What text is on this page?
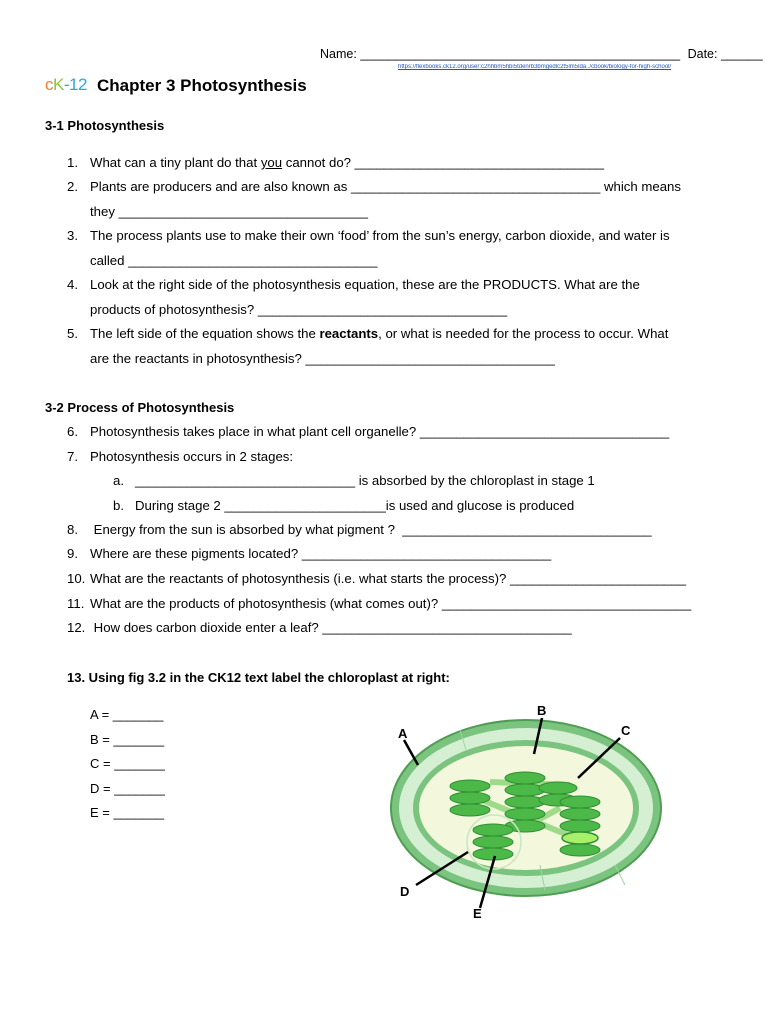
Name: ______________________________________________ Date: ______
https://flexbooks.ck12.org/user:c2hhbm5hbi5tdenrb3bmgedlc2t5lm5lda../cbook/biology-for-high-school/
cK-12 Chapter 3 Photosynthesis
3-1 Photosynthesis
1. What can a tiny plant do that you cannot do? __________________________________
2. Plants are producers and are also known as __________________________________ which means
they __________________________________
3. The process plants use to make their own ‘food’ from the sun’s energy, carbon dioxide, and water is
called __________________________________
4. Look at the right side of the photosynthesis equation, these are the PRODUCTS. What are the
products of photosynthesis? __________________________________
5. The left side of the equation shows the reactants, or what is needed for the process to occur. What
are the reactants in photosynthesis? __________________________________
3-2 Process of Photosynthesis
6. Photosynthesis takes place in what plant cell organelle? __________________________________
7. Photosynthesis occurs in 2 stages:
a. ______________________________ is absorbed by the chloroplast in stage 1
b. During stage 2 ______________________is used and glucose is produced
8. Energy from the sun is absorbed by what pigment ?  __________________________________
9. Where are these pigments located? __________________________________
10. What are the reactants of photosynthesis (i.e. what starts the process)? ________________________
11. What are the products of photosynthesis (what comes out)? __________________________________
12. How does carbon dioxide enter a leaf? __________________________________
13. Using fig 3.2 in the CK12 text label the chloroplast at right:
A = _______
B = _______
C = _______
D = _______
E = _______
A
B
C
D
E
